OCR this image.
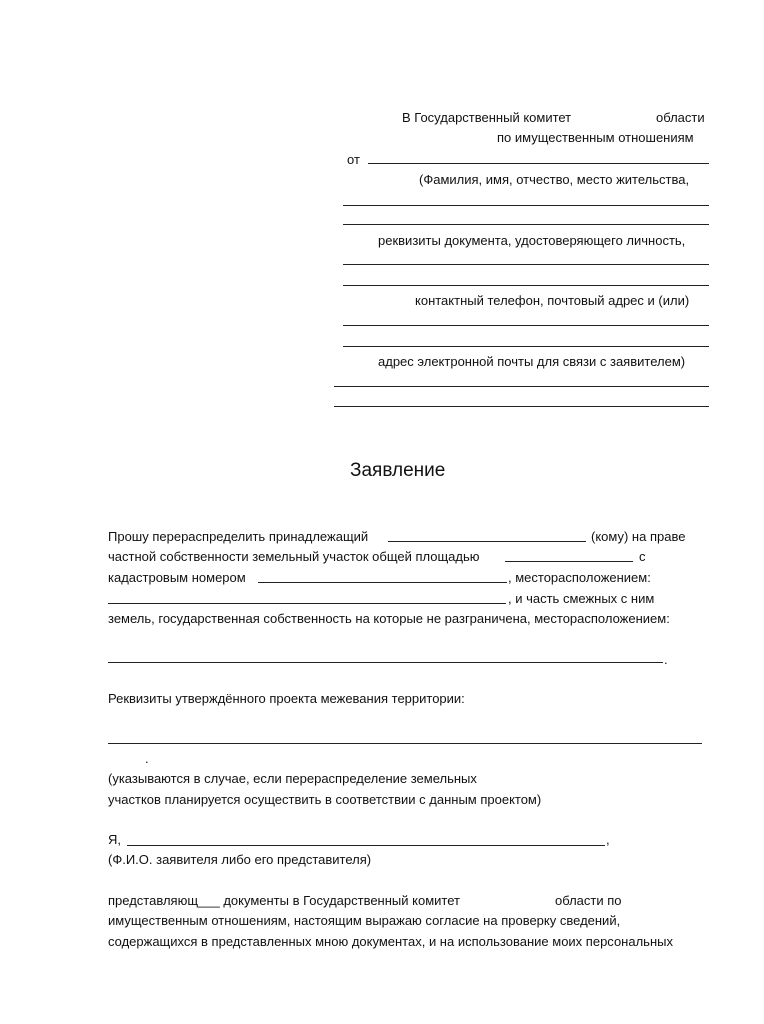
В Государственный комитет	области
по имущественным отношениям
от
(Фамилия, имя, отчество, место жительства,
реквизиты документа, удостоверяющего личность,
контактный телефон, почтовый адрес и (или)
адрес электронной почты для связи с заявителем)
Заявление
Прошу перераспределить принадлежащий	(кому) на праве
частной собственности земельный участок общей площадью	с
кадастровым номером	, месторасположением:
, и часть смежных с ним
земель, государственная собственность на которые не разграничена, месторасположением:
.
Реквизиты утверждённого проекта межевания территории:
.
(указываются в случае, если перераспределение земельных
участков планируется осуществить в соответствии с данным проектом)
Я,	,
(Ф.И.О. заявителя либо его представителя)
представляющ___ документы в Государственный комитет	области по
имущественным отношениям, настоящим выражаю согласие на проверку сведений,
содержащихся в представленных мною документах, и на использование моих персональных
